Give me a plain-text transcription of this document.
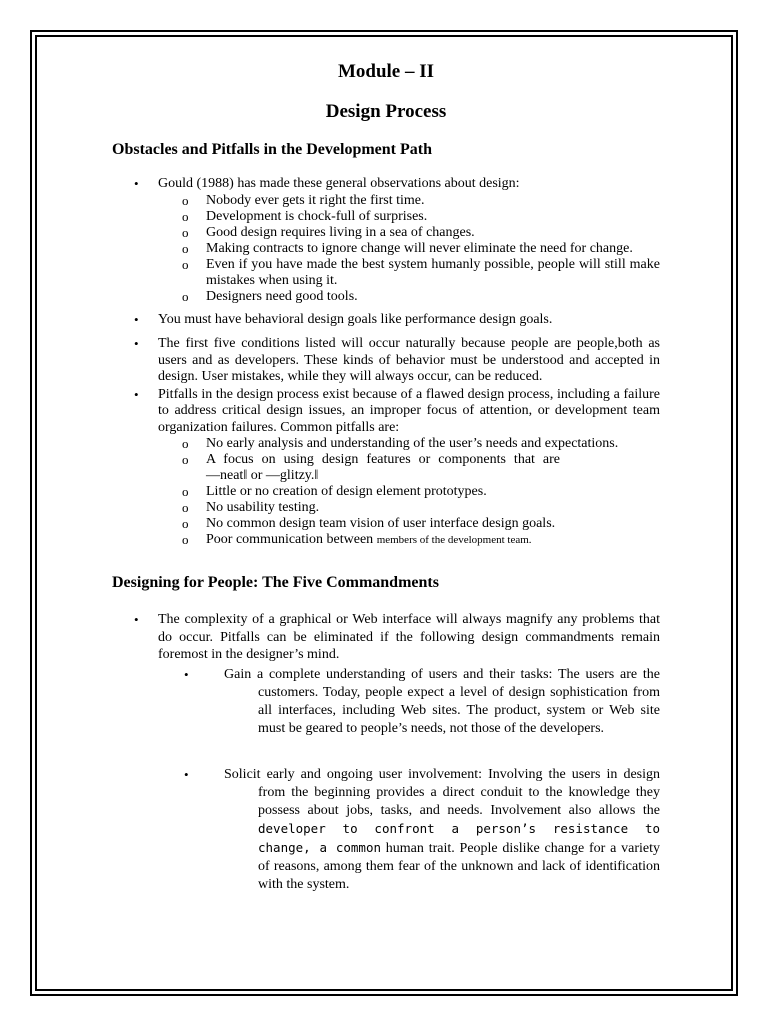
Module – II
Design Process
Obstacles and Pitfalls in the Development Path
• Gould (1988) has made these general observations about design:
o Nobody ever gets it right the first time.
o Development is chock-full of surprises.
o Good design requires living in a sea of changes.
o Making contracts to ignore change will never eliminate the need for change.
o Even if you have made the best system humanly possible, people will still make mistakes when using it.
o Designers need good tools.
• You must have behavioral design goals like performance design goals.
• The first five conditions listed will occur naturally because people are people,both as users and as developers. These kinds of behavior must be understood and accepted in design. User mistakes, while they will always occur, can be reduced.
• Pitfalls in the design process exist because of a flawed design process, including a failure to address critical design issues, an improper focus of attention, or development team organization failures. Common pitfalls are:
o No early analysis and understanding of the user’s needs and expectations.
o A focus on using design features or components that are ―neat‖ or ―glitzy.‖
o Little or no creation of design element prototypes.
o No usability testing.
o No common design team vision of user interface design goals.
o Poor communication between members of the development team.
Designing for People: The Five Commandments
• The complexity of a graphical or Web interface will always magnify any problems that do occur. Pitfalls can be eliminated if the following design commandments remain foremost in the designer’s mind.
•	Gain a complete understanding of users and their tasks: The users are the customers. Today, people expect a level of design sophistication from all interfaces, including Web sites. The product, system or Web site must be geared to people’s needs, not those of the developers.
•	Solicit early and ongoing user involvement: Involving the users in design from the beginning provides a direct conduit to the knowledge they possess about jobs, tasks, and needs. Involvement also allows the developer to confront a person’s resistance to change, a common human trait. People dislike change for a variety of reasons, among them fear of the unknown and lack of identification with the system.
